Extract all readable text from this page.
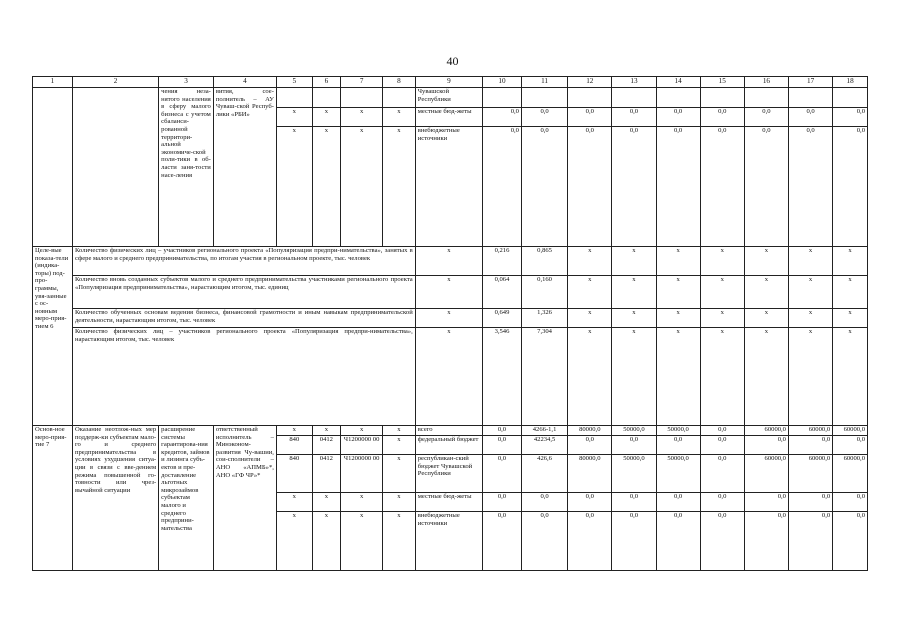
40
1	2	3	4	5	6	7	8	9	10	11	12	13	14	15	16	17	18
		чения неза-нятого населения в сферу малого бизнеса с учетом сбаланси-рованной территори-альной экономиче-ской поли-тики в об-ласти заня-тости насе-ления	вития, сое-полнитель – АУ Чуваш-ской Респуб-лики «РБИ»					Чувашской Республики									
				x	x	x	x	местные бюд-жеты	0,0	0,0	0,0	0,0	0,0	0,0	0,0	0,0	0,0
				x	x	x	x	внебюджетные источники	0,0	0,0	0,0	0,0	0,0	0,0	0,0	0,0	0,0
Целе-вые показа-тели (индика-торы) под-про-граммы, увя-занные с ос-новным меро-прия-тием 6	Количество физических лиц – участников регионального проекта «Популяризация предпри-нимательства», занятых в сфере малого и среднего предпринимательства, по итогам участия в региональном проекте, тыс. человек							x	0,216	0,865	x	x	x	x	x	x	x
	Количество вновь созданных субъектов малого и среднего предпринимательства участниками регионального проекта «Популяризация предпринимательства», нарастающим итогом, тыс. единиц							x	0,064	0,160	x	x	x	x	x	x	x
	Количество обученных основам ведения бизнеса, финансовой грамотности и иным навыкам предпринимательской деятельности, нарастающим итогом, тыс. человек							x	0,649	1,326	x	x	x	x	x	x	x
	Количество физических лиц – участников регионального проекта «Популяризация предпри-нимательства», нарастающим итогом, тыс. человек							x	3,546	7,304	x	x	x	x	x	x	x
Основ-ное меро-прия-тие 7	Оказание неотлож-ных мер поддерж-ки субъектам мало-го и среднего предпринимательства в условиях ухудшения ситуа-ции в связи с вве-дением режима повышенной го-товности или чрез-вычайной ситуации	расширение системы гарантирова-ния кредитов, займов и лизинга субъ-ектов и пре-доставление льготных микрозаймов субъектам малого и среднего предприни-мательства	ответственный исполнитель – Минэконом-развития Чу-вашии, сои-сполнители – АНО «АПМБ»*, АНО «ГФ ЧР»*	x	x	x	x	всего	0,0	4266-1,1	80000,0	50000,0	50000,0	0,0	60000,0	60000,0	60000,0
				840	0412	Ч1200000 00	x	федеральный бюджет	0,0	42234,5	0,0	0,0	0,0	0,0	0,0	0,0	0,0
				840	0412	Ч1200000 00	x	республикан-ский бюджет Чувашской Республики	0,0	426,6	80000,0	50000,0	50000,0	0,0	60000,0	60000,0	60000,0
				x	x	x	x	местные бюд-жеты	0,0	0,0	0,0	0,0	0,0	0,0	0,0	0,0	0,0
				x	x	x	x	внебюджетные источники	0,0	0,0	0,0	0,0	0,0	0,0	0,0	0,0	0,0
